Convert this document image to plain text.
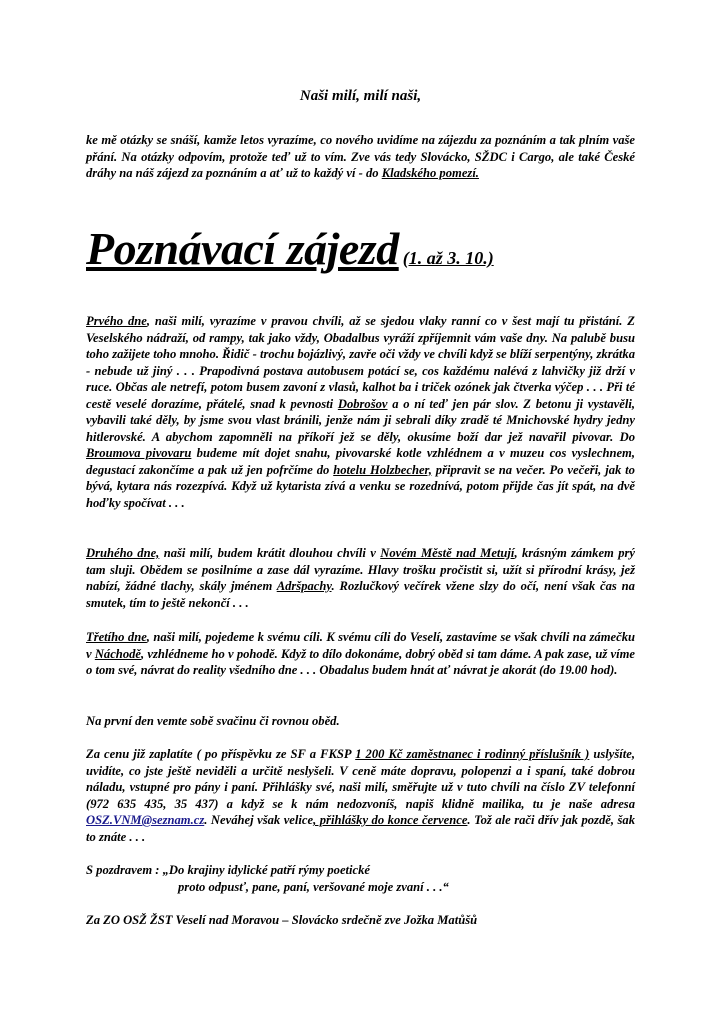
Naši milí, milí naši,
ke mě otázky se snáší, kamže letos vyrazíme, co nového uvidíme na zájezdu za poznáním a tak plním vaše přání. Na otázky odpovím, protože teď už to vím. Zve vás tedy Slovácko, SŽDC i Cargo, ale také České dráhy na náš zájezd za poznáním a ať už to každý ví - do Kladského pomezí.
Poznávací zájezd (1. až 3. 10.)
Prvého dne, naši milí, vyrazíme v pravou chvíli, až se sjedou vlaky ranní co v šest mají tu přistání. Z Veselského nádraží, od rampy, tak jako vždy, Obadalbus vyráží zpříjemnit vám vaše dny. Na palubě busu toho zažijete toho mnoho. Řidič - trochu bojázlivý, zavře oči vždy ve chvíli když se blíží serpentýny, zkrátka - nebude už jiný . . . Prapodivná postava autobusem potácí se, cos každému nalévá z lahvičky již drží v ruce. Občas ale netrefí, potom busem zavoní z vlasů, kalhot ba i triček ozónek jak čtverka výčep . . . Při té cestě veselé dorazíme, přátelé, snad k pevnosti Dobrošov a o ní teď jen pár slov. Z betonu ji vystavěli, vybavili také děly, by jsme svou vlast bránili, jenže nám ji sebrali díky zradě té Mnichovské hydry jedny hitlerovské. A abychom zapomněli na příkoří jež se děly, okusíme boží dar jež navařil pivovar. Do Broumova pivovaru budeme mít dojet snahu, pivovarské kotle vzhlédnem a v muzeu cos vyslechnem, degustací zakončíme a pak už jen pofrčíme do hotelu Holzbecher, připravit se na večer. Po večeři, jak to bývá, kytara nás rozezpívá. Když už kytarista zívá a venku se rozednívá, potom přijde čas jít spát, na dvě hoďky spočívat . . .
Druhého dne, naši milí, budem krátit dlouhou chvíli v Novém Městě nad Metují, krásným zámkem prý tam sluji. Obědem se posilníme a zase dál vyrazíme. Hlavy trošku pročistit si, užít si přírodní krásy, jež nabízí, žádné tlachy, skály jménem Adršpachy. Rozlučkový večírek vžene slzy do očí, není však čas na smutek, tím to ještě nekončí . . .
Třetího dne, naši milí, pojedeme k svému cíli. K svému cíli do Veselí, zastavíme se však chvíli na zámečku v Náchodě, vzhlédneme ho v pohodě. Když to dílo dokonáme, dobrý oběd si tam dáme. A pak zase, už víme o tom své, návrat do reality všedního dne . . . Obadalus budem hnát ať návrat je akorát (do 19.00 hod).
Na první den vemte sobě svačinu či rovnou oběd.
Za cenu již zaplatíte ( po příspěvku ze SF a FKSP 1 200 Kč zaměstnanec i rodinný příslušník ) uslyšíte, uvidíte, co jste ještě neviděli a určitě neslyšeli. V ceně máte dopravu, polopenzi a i spaní, také dobrou náladu, vstupné pro pány i paní. Přihlášky své, naši milí, směřujte už v tuto chvíli na číslo ZV telefonní (972 635 435, 35 437) a když se k nám nedozvoníš, napiš klidně mailika, tu je naše adresa OSZ.VNM@seznam.cz. Neváhej však velice, přihlášky do konce července. Tož ale rači dřív jak pozdě, šak to znáte . . .
S pozdravem : „Do krajiny idylické patří rýmy poetické
proto odpusť, pane, paní, veršované moje zvaní . . .“
Za ZO OSŽ ŽST Veselí nad Moravou – Slovácko srdečně zve Jožka Matůšů
